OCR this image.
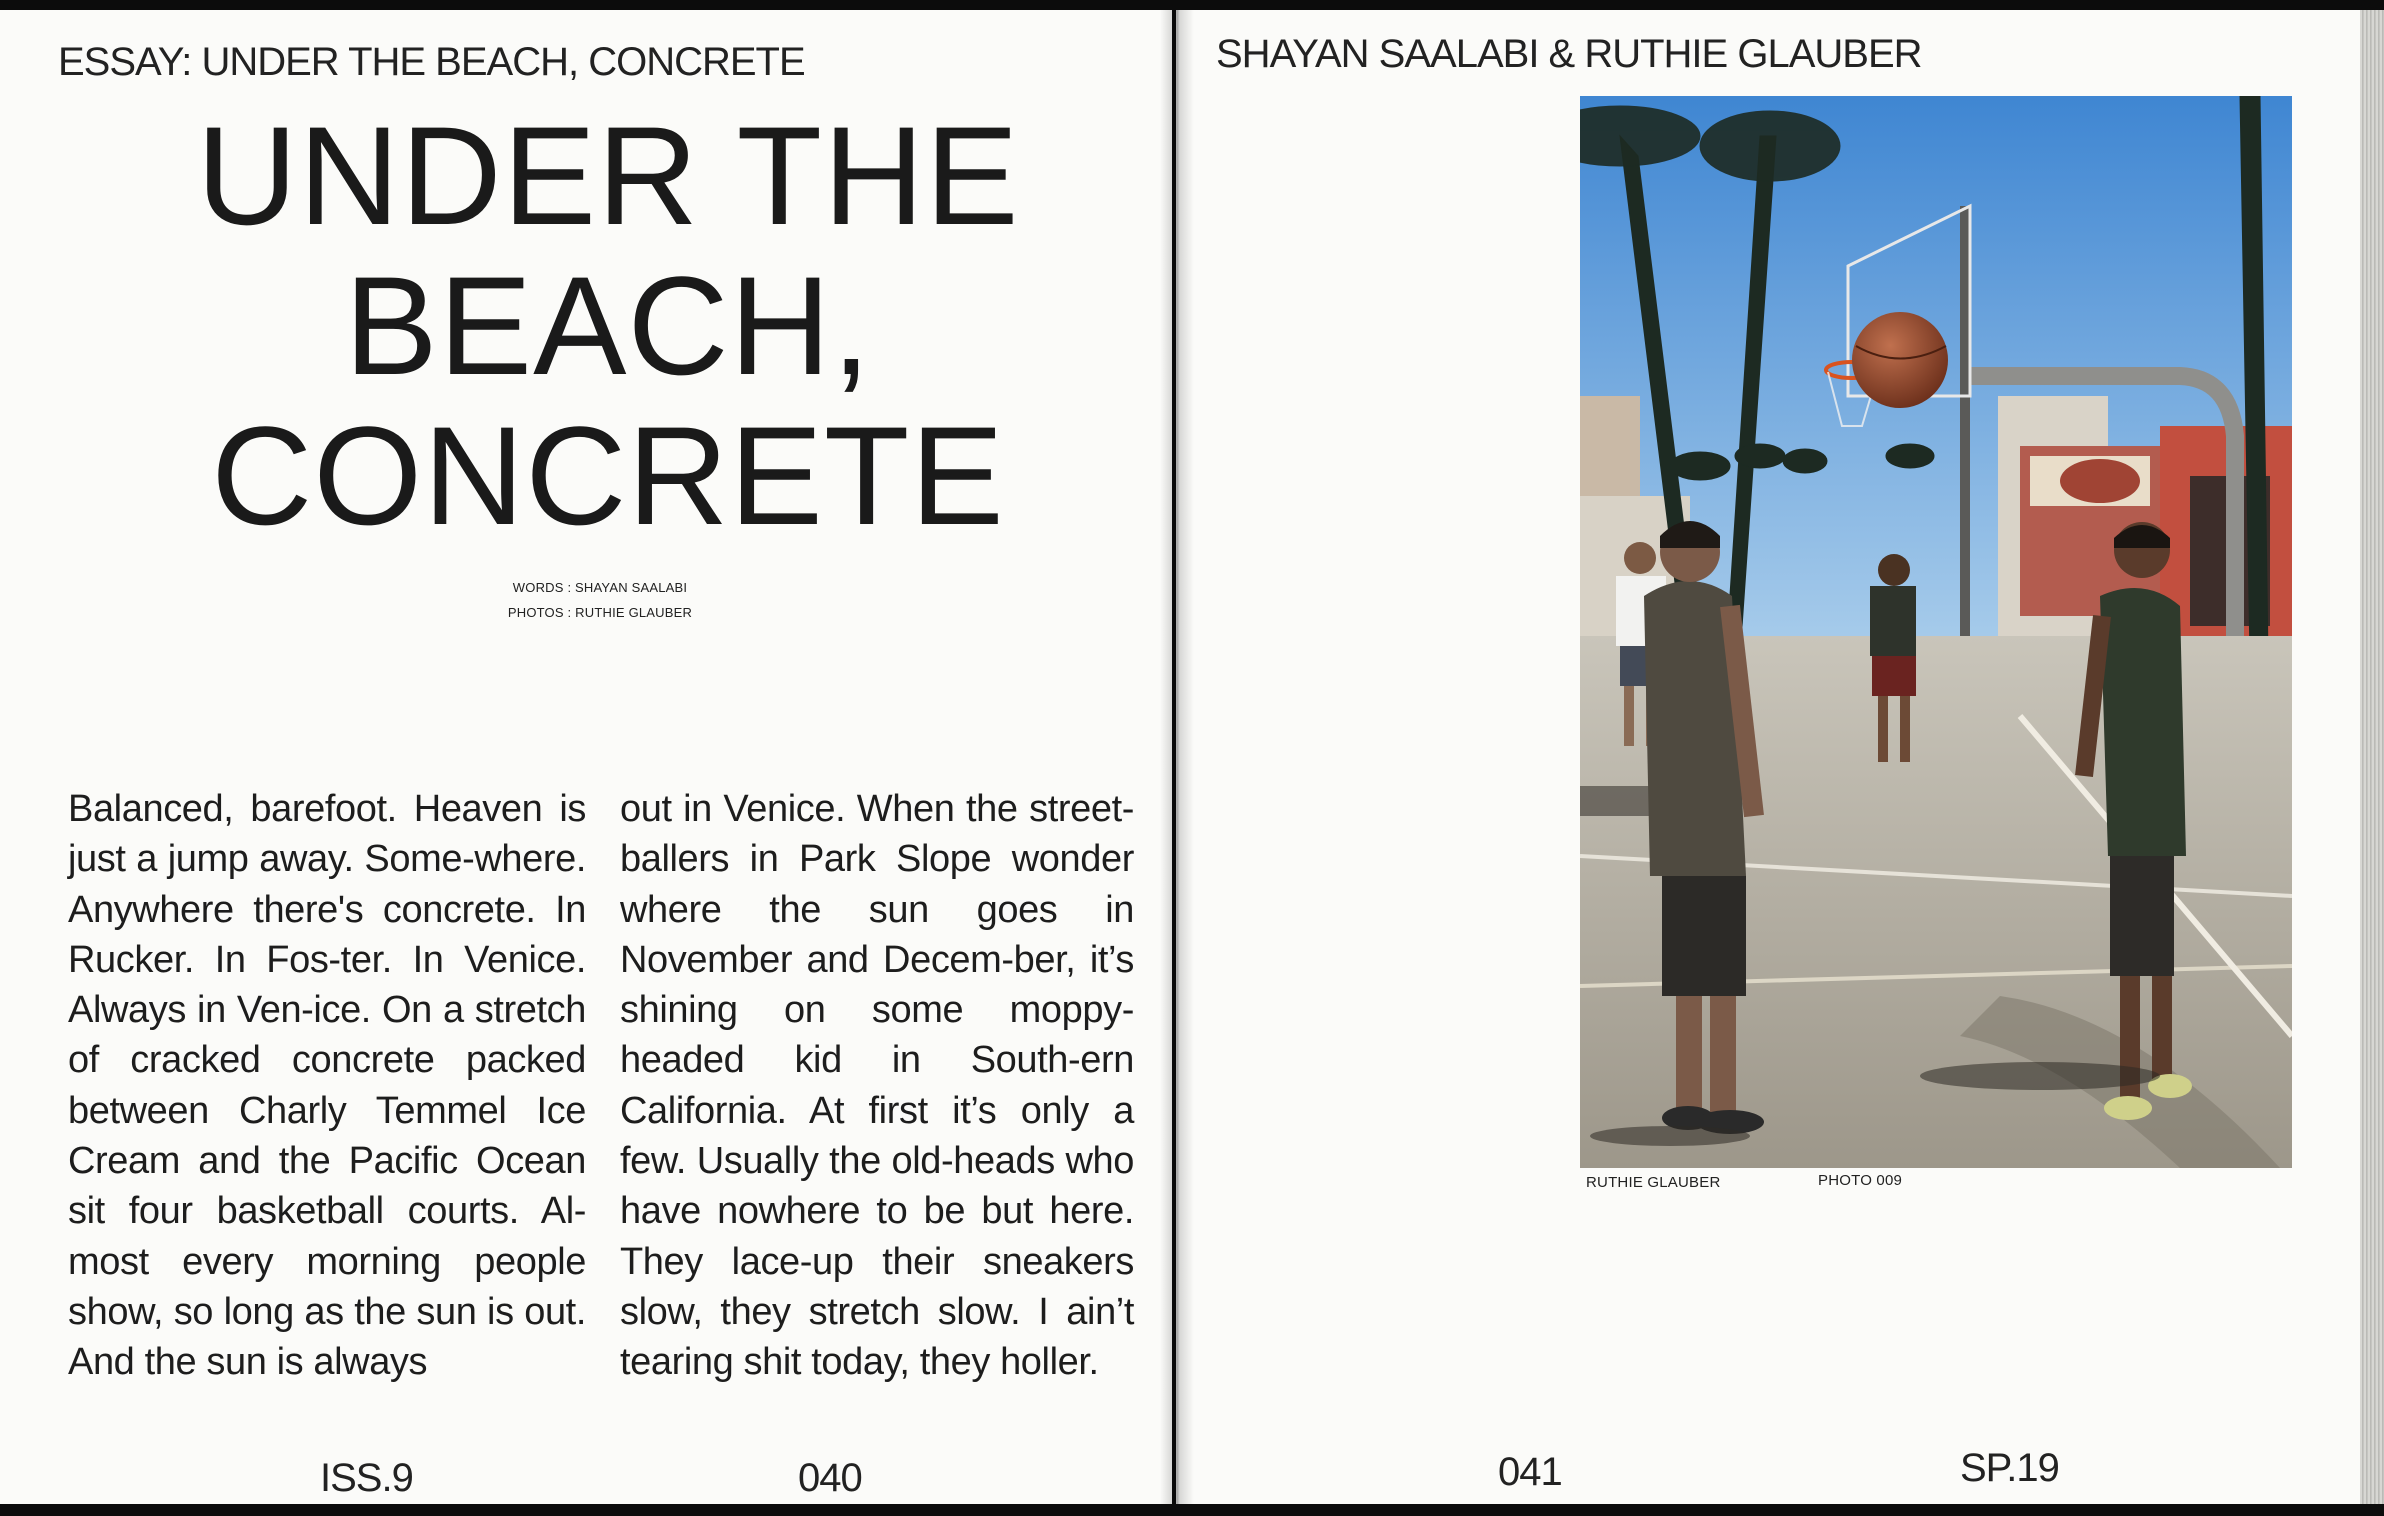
ESSAY: UNDER THE BEACH, CONCRETE
UNDER THE
BEACH,
CONCRETE
WORDS : SHAYAN SAALABI
PHOTOS : RUTHIE GLAUBER
Balanced, barefoot. Heaven is just a jump away. Some-where. Anywhere there's concrete. In Rucker. In Fos-ter. In Venice. Always in Ven-ice. On a stretch of cracked concrete packed between Charly Temmel Ice Cream and the Pacific Ocean sit four basketball courts. Al-most every morning people show, so long as the sun is out. And the sun is always
out in Venice. When the street-ballers in Park Slope wonder where the sun goes in November and Decem-ber, it’s shining on some moppy-headed kid in South-ern California. At first it’s only a few. Usually the old-heads who have nowhere to be but here. They lace-up their sneakers slow, they stretch slow. I ain’t tearing shit today, they holler.
ISS.9	040
SHAYAN SAALABI & RUTHIE GLAUBER
RUTHIE GLAUBER	PHOTO 009
041	SP.19
